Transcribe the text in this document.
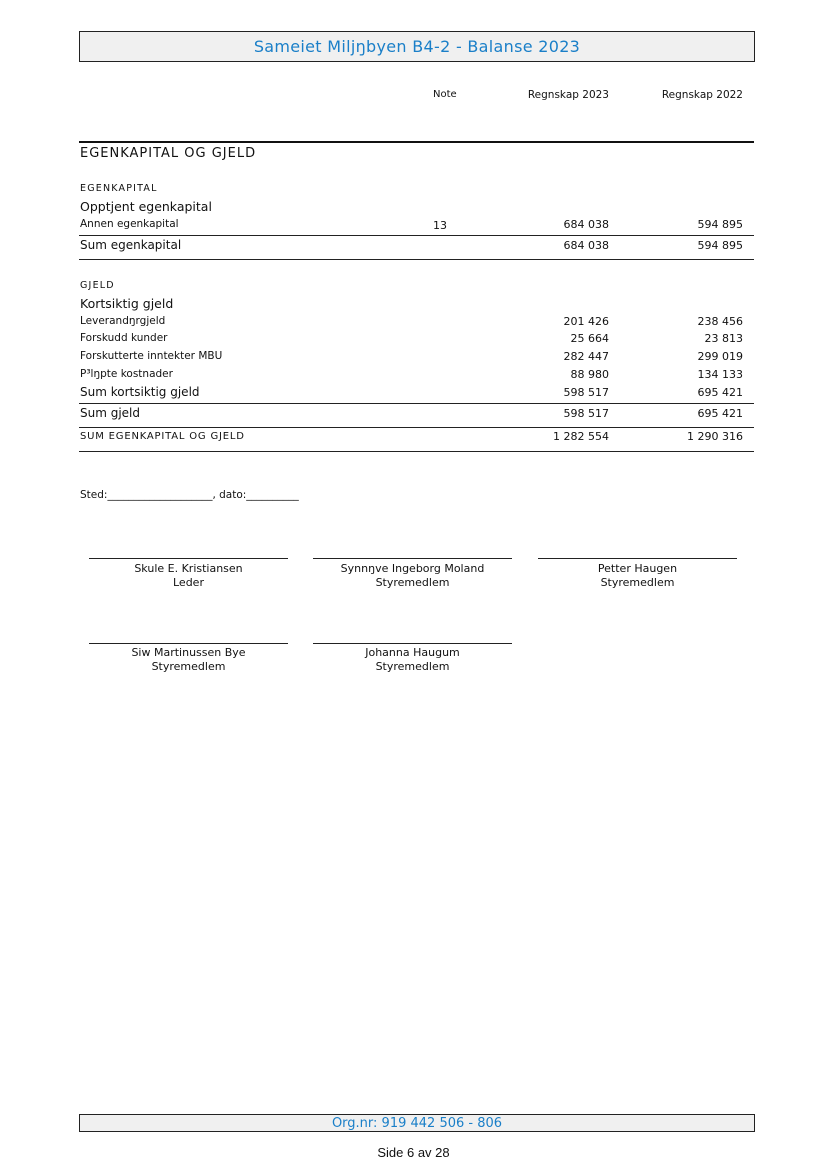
Sameiet Miljŋbyen B4-2 - Balanse 2023
Note	Regnskap 2023	Regnskap 2022
EGENKAPITAL OG GJELD
EGENKAPITAL
Opptjent egenkapital
Annen egenkapital	13	684 038	594 895
Sum egenkapital	684 038	594 895
GJELD
Kortsiktig gjeld
Leverandŋrgjeld	201 426	238 456
Forskudd kunder	25 664	23 813
Forskutterte inntekter MBU	282 447	299 019
P³lŋpte kostnader	88 980	134 133
Sum kortsiktig gjeld	598 517	695 421
Sum gjeld	598 517	695 421
SUM EGENKAPITAL OG GJELD	1 282 554	1 290 316
Sted:____________________, dato:__________
Skule E. Kristiansen
Leder
Synnŋve Ingeborg Moland
Styremedlem
Petter Haugen
Styremedlem
Siw Martinussen Bye
Styremedlem
Johanna Haugum
Styremedlem
Org.nr: 919 442 506 - 806
Side 6 av 28
